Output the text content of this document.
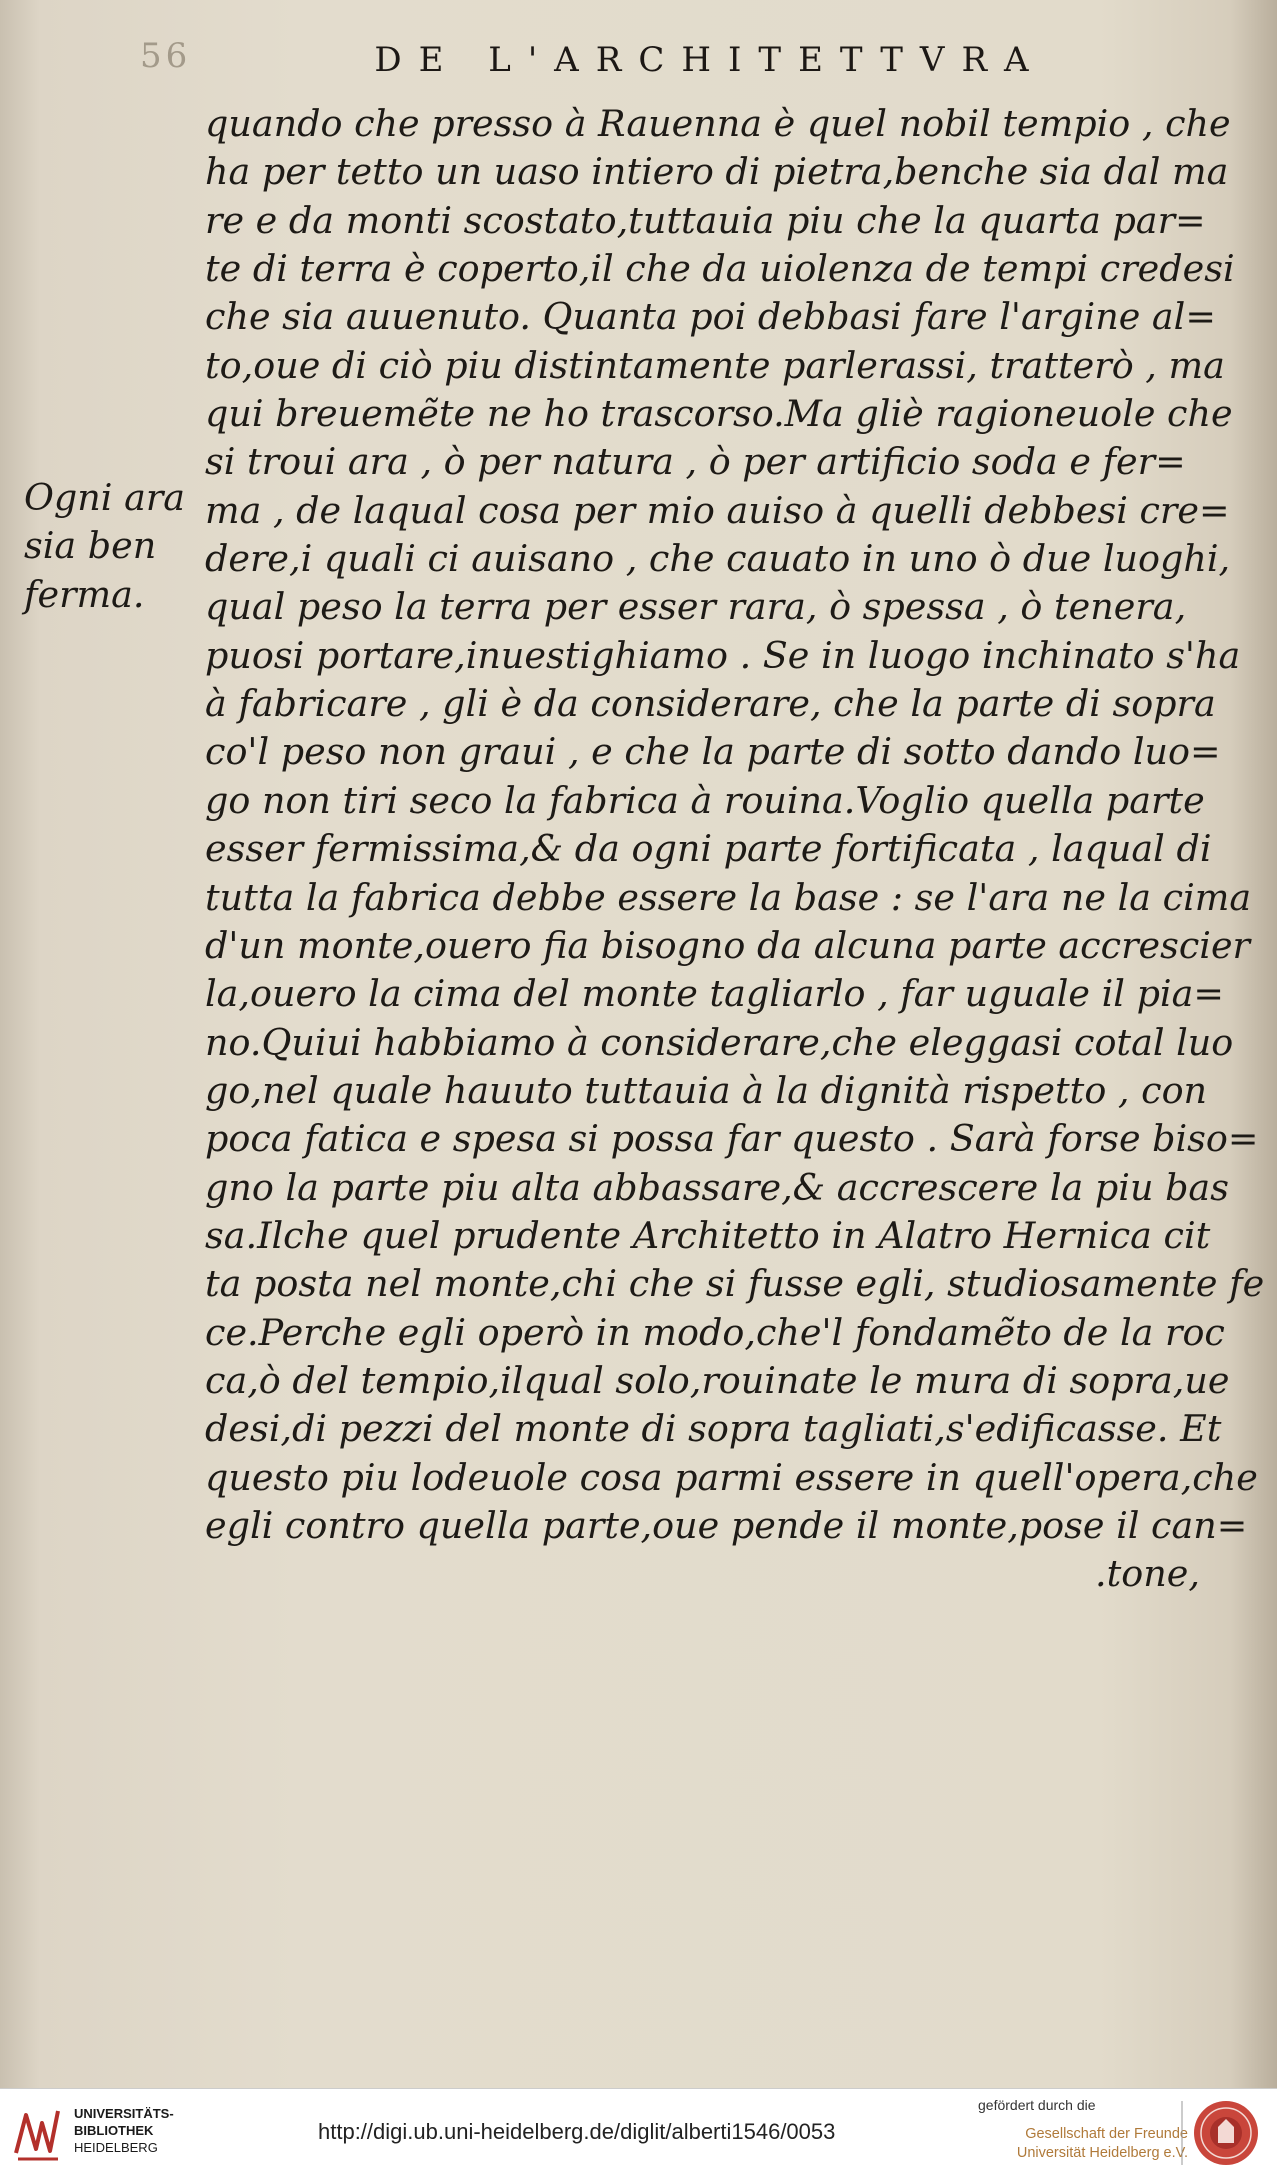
56	DE L'ARCHITETTVRA
Ogni ara
sia ben
ferma.
quando che presso à Rauenna è quel nobil tempio , che
ha per tetto un uaso intiero di pietra,benche sia dal ma
re e da monti scostato,tuttauia piu che la quarta par=
te di terra è coperto,il che da uiolenza de tempi credesi
che sia auuenuto. Quanta poi debbasi fare l'argine al=
to,oue di ciò piu distintamente parlerassi, tratterò , ma
qui breuemẽte ne ho trascorso.Ma gliè ragioneuole che
si troui ara , ò per natura , ò per artificio soda e fer=
ma , de laqual cosa per mio auiso à quelli debbesi cre=
dere,i quali ci auisano , che cauato in uno ò due luoghi,
qual peso la terra per esser rara, ò spessa , ò tenera,
puosi portare,inuestighiamo . Se in luogo inchinato s'ha
à fabricare , gli è da considerare, che la parte di sopra
co'l peso non graui , e che la parte di sotto dando luo=
go non tiri seco la fabrica à rouina.Voglio quella parte
esser fermissima,& da ogni parte fortificata , laqual di
tutta la fabrica debbe essere la base : se l'ara ne la cima
d'un monte,ouero fia bisogno da alcuna parte accrescier
la,ouero la cima del monte tagliarlo , far uguale il pia=
no.Quiui habbiamo à considerare,che eleggasi cotal luo
go,nel quale hauuto tuttauia à la dignità rispetto , con
poca fatica e spesa si possa far questo . Sarà forse biso=
gno la parte piu alta abbassare,& accrescere la piu bas
sa.Ilche quel prudente Architetto in Alatro Hernica cit
ta posta nel monte,chi che si fusse egli, studiosamente fe
ce.Perche egli operò in modo,che'l fondamẽto de la roc
ca,ò del tempio,ilqual solo,rouinate le mura di sopra,ue
desi,di pezzi del monte di sopra tagliati,s'edificasse. Et
questo piu lodeuole cosa parmi essere in quell'opera,che
egli contro quella parte,oue pende il monte,pose il can=
.tone,
UNIVERSITÄTS-
BIBLIOTHEK
HEIDELBERG
http://digi.ub.uni-heidelberg.de/diglit/alberti1546/0053
gefördert durch die
Gesellschaft der Freunde
Universität Heidelberg e.V.
